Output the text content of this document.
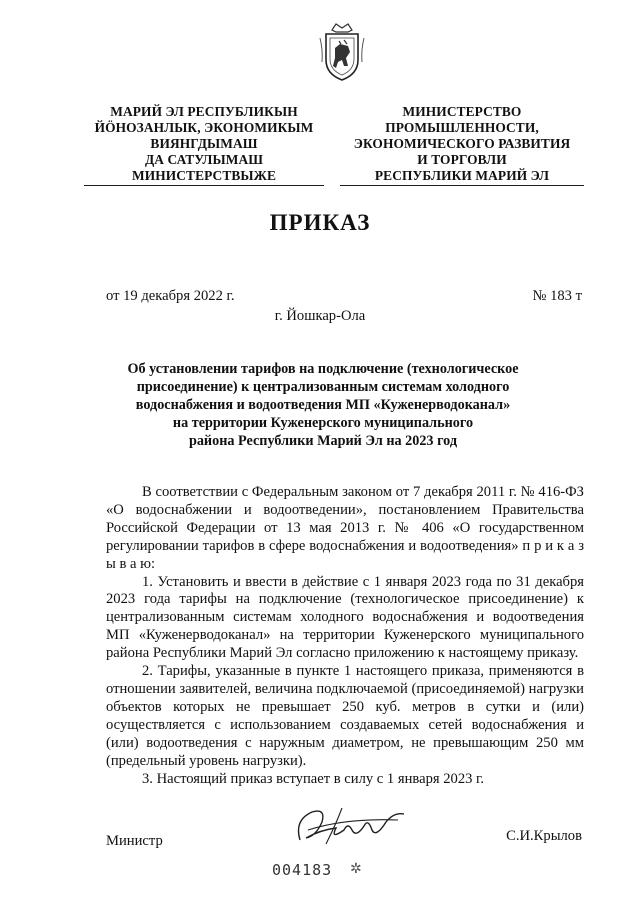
МАРИЙ ЭЛ РЕСПУБЛИКЫН
ЙÖНОЗАНЛЫК, ЭКОНОМИКЫМ
ВИЯНГДЫМАШ
ДА САТУЛЫМАШ
МИНИСТЕРСТВЫЖЕ
МИНИСТЕРСТВО
ПРОМЫШЛЕННОСТИ,
ЭКОНОМИЧЕСКОГО РАЗВИТИЯ
И ТОРГОВЛИ
РЕСПУБЛИКИ МАРИЙ ЭЛ
ПРИКАЗ
от 19 декабря 2022 г.	№ 183 т
г. Йошкар-Ола
Об установлении тарифов на подключение (технологическое
присоединение) к централизованным системам холодного
водоснабжения и водоотведения МП «Куженерводоканал»
на территории Куженерского муниципального
района Республики Марий Эл на 2023 год

В соответствии с Федеральным законом от 7 декабря 2011 г. № 416-ФЗ «О водоснабжении и водоотведении», постановлением Правительства Российской Федерации от 13 мая 2013 г. № 406 «О государственном регулировании тарифов в сфере водоснабжения и водоотведения» п р и к а з ы в а ю:

1. Установить и ввести в действие с 1 января 2023 года по 31 декабря 2023 года тарифы на подключение (технологическое присоединение) к централизованным системам холодного водоснабжения и водоотведения МП «Куженерводоканал» на территории Куженерского муниципального района Республики Марий Эл согласно приложению к настоящему приказу.

2. Тарифы, указанные в пункте 1 настоящего приказа, применяются в отношении заявителей, величина подключаемой (присоединяемой) нагрузки объектов которых не превышает 250 куб. метров в сутки и (или) осуществляется с использованием создаваемых сетей водоснабжения и (или) водоотведения с наружным диаметром, не превышающим 250 мм (предельный уровень нагрузки).

3. Настоящий приказ вступает в силу с 1 января 2023 г.

Министр	С.И.Крылов
004183 ✲
